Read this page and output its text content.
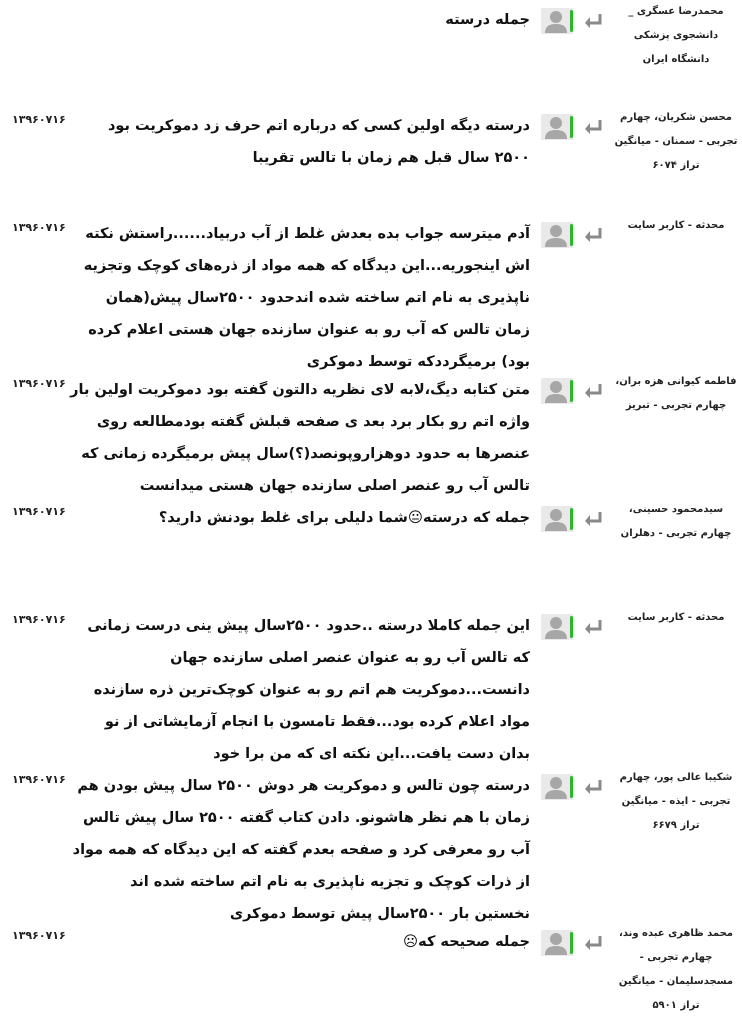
محمدرضا عسگری _ دانشجوی پزشکی دانشگاه ایران
جمله درسته
محسن شکریان، چهارم تجربی - سمنان - میانگین تراز ۶۰۷۴
درسته دیگه اولین کسی که درباره اتم حرف زد دموکریت بود ۲۵۰۰ سال قبل هم زمان با تالس تقریبا
۱۳۹۶۰۷۱۶
محدثه - کاربر سایت
آدم میترسه جواب بده بعدش غلط از آب دربیاد......راستش نکته اش اینجوریه...این دیدگاه که همه مواد از ذره‌های کوچک وتجزیه ناپذیری به نام اتم ساخته شده اندحدود ۲۵۰۰سال پیش(همان زمان تالس که آب رو به عنوان سازنده جهان هستی اعلام کرده بود) برمیگرددکه توسط دموکری
۱۳۹۶۰۷۱۶
فاطمه کیوانی هزه بران، چهارم تجربی - تبریز
متن کتابه دیگ،لابه لای نظریه دالتون گفته بود دموکریت اولین بار واژه اتم رو بکار برد بعد ی صفحه قبلش گفته بودمطالعه روی عنصرها به حدود دوهزاروپونصد(؟)سال پیش برمیگرده زمانی که تالس آب رو عنصر اصلی سازنده جهان هستی میدانست
۱۳۹۶۰۷۱۶
سیدمحمود حسینی، چهارم تجربی - دهلران
جمله که درسته😐شما دلیلی برای غلط بودنش دارید؟
۱۳۹۶۰۷۱۶
محدثه - کاربر سایت
این جمله کاملا درسته ..حدود ۲۵۰۰سال پیش ینی درست زمانی که تالس آب رو به عنوان عنصر اصلی سازنده جهان دانست...دموکریت هم اتم رو به عنوان کوچک‌ترین ذره سازنده مواد اعلام کرده بود...فقط تامسون با انجام آزمایشاتی از نو بدان دست یافت...این نکته ای که من برا خود
۱۳۹۶۰۷۱۶
شکیبا عالی پور، چهارم تجربی - ایذه - میانگین تراز ۶۶۷۹
درسته چون تالس و دموکریت هر دوش ۲۵۰۰ سال پیش بودن هم زمان با هم نظر هاشونو. دادن کتاب گفته ۲۵۰۰ سال پیش تالس آب رو معرفی کرد و صفحه بعدم گفته که این دیدگاه که همه مواد از ذرات کوچک و تجزیه ناپذیری به نام اتم ساخته شده اند نخستین بار ۲۵۰۰سال پیش توسط دموکری
۱۳۹۶۰۷۱۶
محمد ظاهری عبده وند، چهارم تجربی - مسجدسلیمان - میانگین تراز ۵۹۰۱
جمله صحیحه که☹
۱۳۹۶۰۷۱۶
